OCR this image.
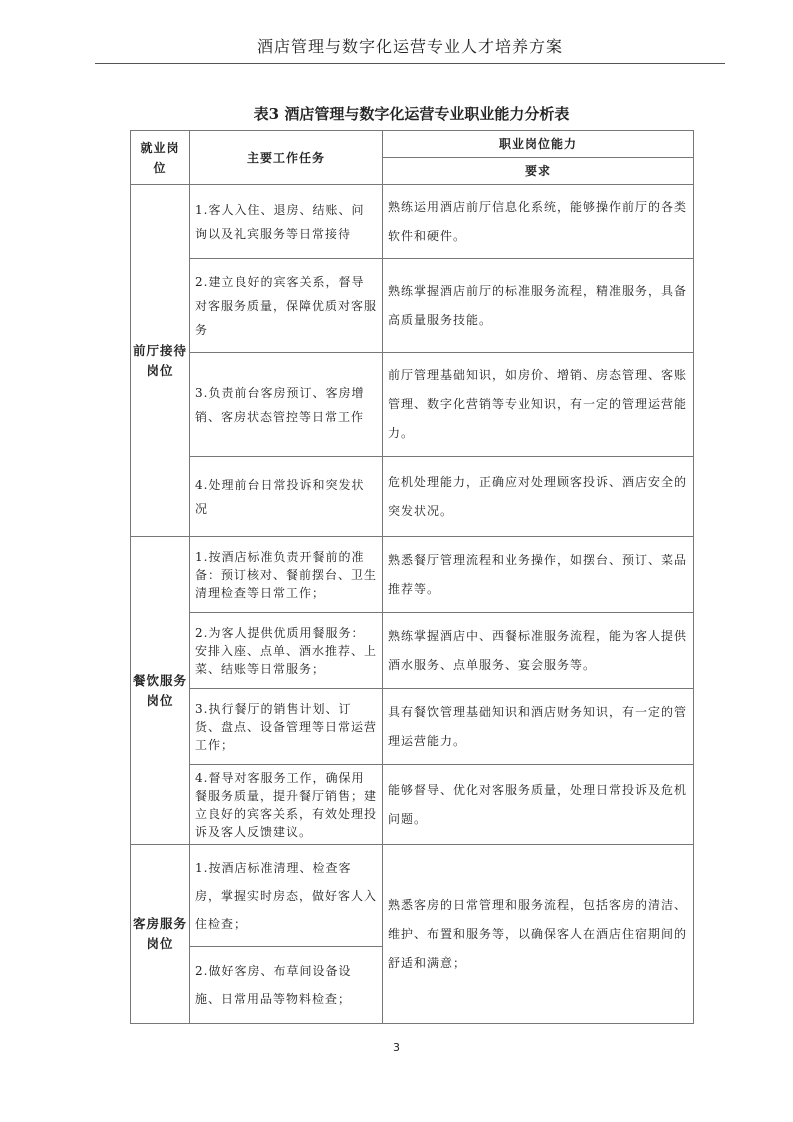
酒店管理与数字化运营专业人才培养方案
表3 酒店管理与数字化运营专业职业能力分析表
就业岗位	主要工作任务	职业岗位能力
		要求
前厅接待岗位	1.客人入住、退房、结账、问询以及礼宾服务等日常接待	熟练运用酒店前厅信息化系统，能够操作前厅的各类软件和硬件。
	2.建立良好的宾客关系，督导对客服务质量，保障优质对客服务	熟练掌握酒店前厅的标准服务流程，精准服务，具备高质量服务技能。
	3.负责前台客房预订、客房增销、客房状态管控等日常工作	前厅管理基础知识，如房价、增销、房态管理、客账管理、数字化营销等专业知识，有一定的管理运营能力。
	4.处理前台日常投诉和突发状况	危机处理能力，正确应对处理顾客投诉、酒店安全的突发状况。
餐饮服务岗位	1.按酒店标准负责开餐前的准备：预订核对、餐前摆台、卫生清理检查等日常工作；	熟悉餐厅管理流程和业务操作，如摆台、预订、菜品推荐等。
	2.为客人提供优质用餐服务：安排入座、点单、酒水推荐、上菜、结账等日常服务；	熟练掌握酒店中、西餐标准服务流程，能为客人提供酒水服务、点单服务、宴会服务等。
	3.执行餐厅的销售计划、订货、盘点、设备管理等日常运营工作；	具有餐饮管理基础知识和酒店财务知识，有一定的管理运营能力。
	4.督导对客服务工作，确保用餐服务质量，提升餐厅销售；建立良好的宾客关系，有效处理投诉及客人反馈建议。	能够督导、优化对客服务质量，处理日常投诉及危机问题。
客房服务岗位	1.按酒店标准清理、检查客房，掌握实时房态，做好客人入住检查；	熟悉客房的日常管理和服务流程，包括客房的清洁、维护、布置和服务等，以确保客人在酒店住宿期间的舒适和满意；
	2.做好客房、布草间设备设施、日常用品等物料检查；	
3
